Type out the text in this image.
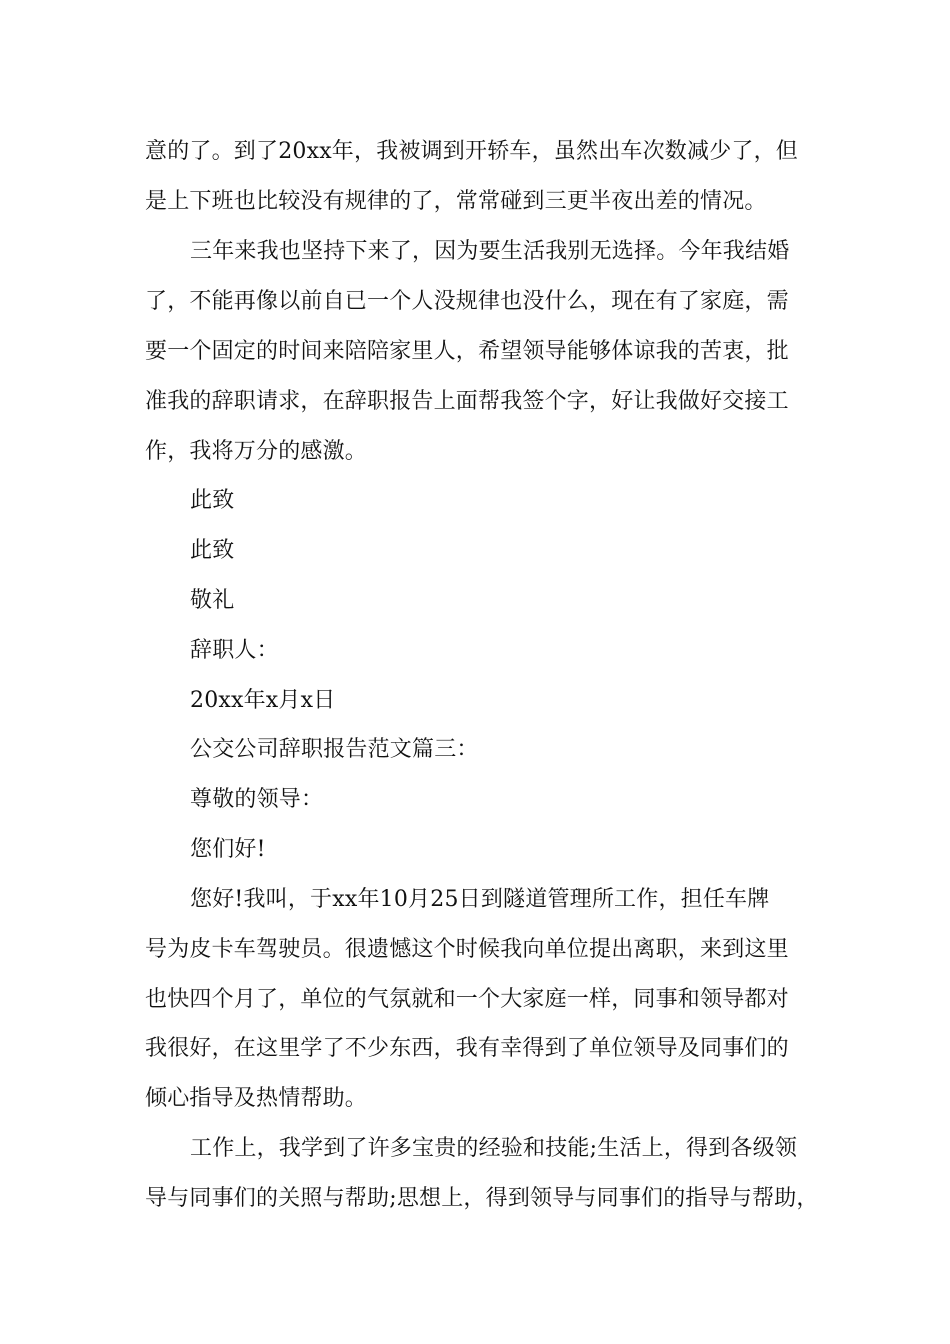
意的了。到了20xx年，我被调到开轿车，虽然出车次数减少了，但
是上下班也比较没有规律的了，常常碰到三更半夜出差的情况。
三年来我也坚持下来了，因为要生活我别无选择。今年我结婚
了，不能再像以前自已一个人没规律也没什么，现在有了家庭，需
要一个固定的时间来陪陪家里人，希望领导能够体谅我的苦衷，批
准我的辞职请求，在辞职报告上面帮我签个字，好让我做好交接工
作，我将万分的感激。
此致
此致
敬礼
辞职人：
20xx年x月x日
公交公司辞职报告范文篇三：
尊敬的领导：
您们好!
您好!我叫，于xx年10月25日到隧道管理所工作，担任车牌
号为皮卡车驾驶员。很遗憾这个时候我向单位提出离职，来到这里
也快四个月了，单位的气氛就和一个大家庭一样，同事和领导都对
我很好，在这里学了不少东西，我有幸得到了单位领导及同事们的
倾心指导及热情帮助。
工作上，我学到了许多宝贵的经验和技能;生活上，得到各级领
导与同事们的关照与帮助;思想上，得到领导与同事们的指导与帮助，
